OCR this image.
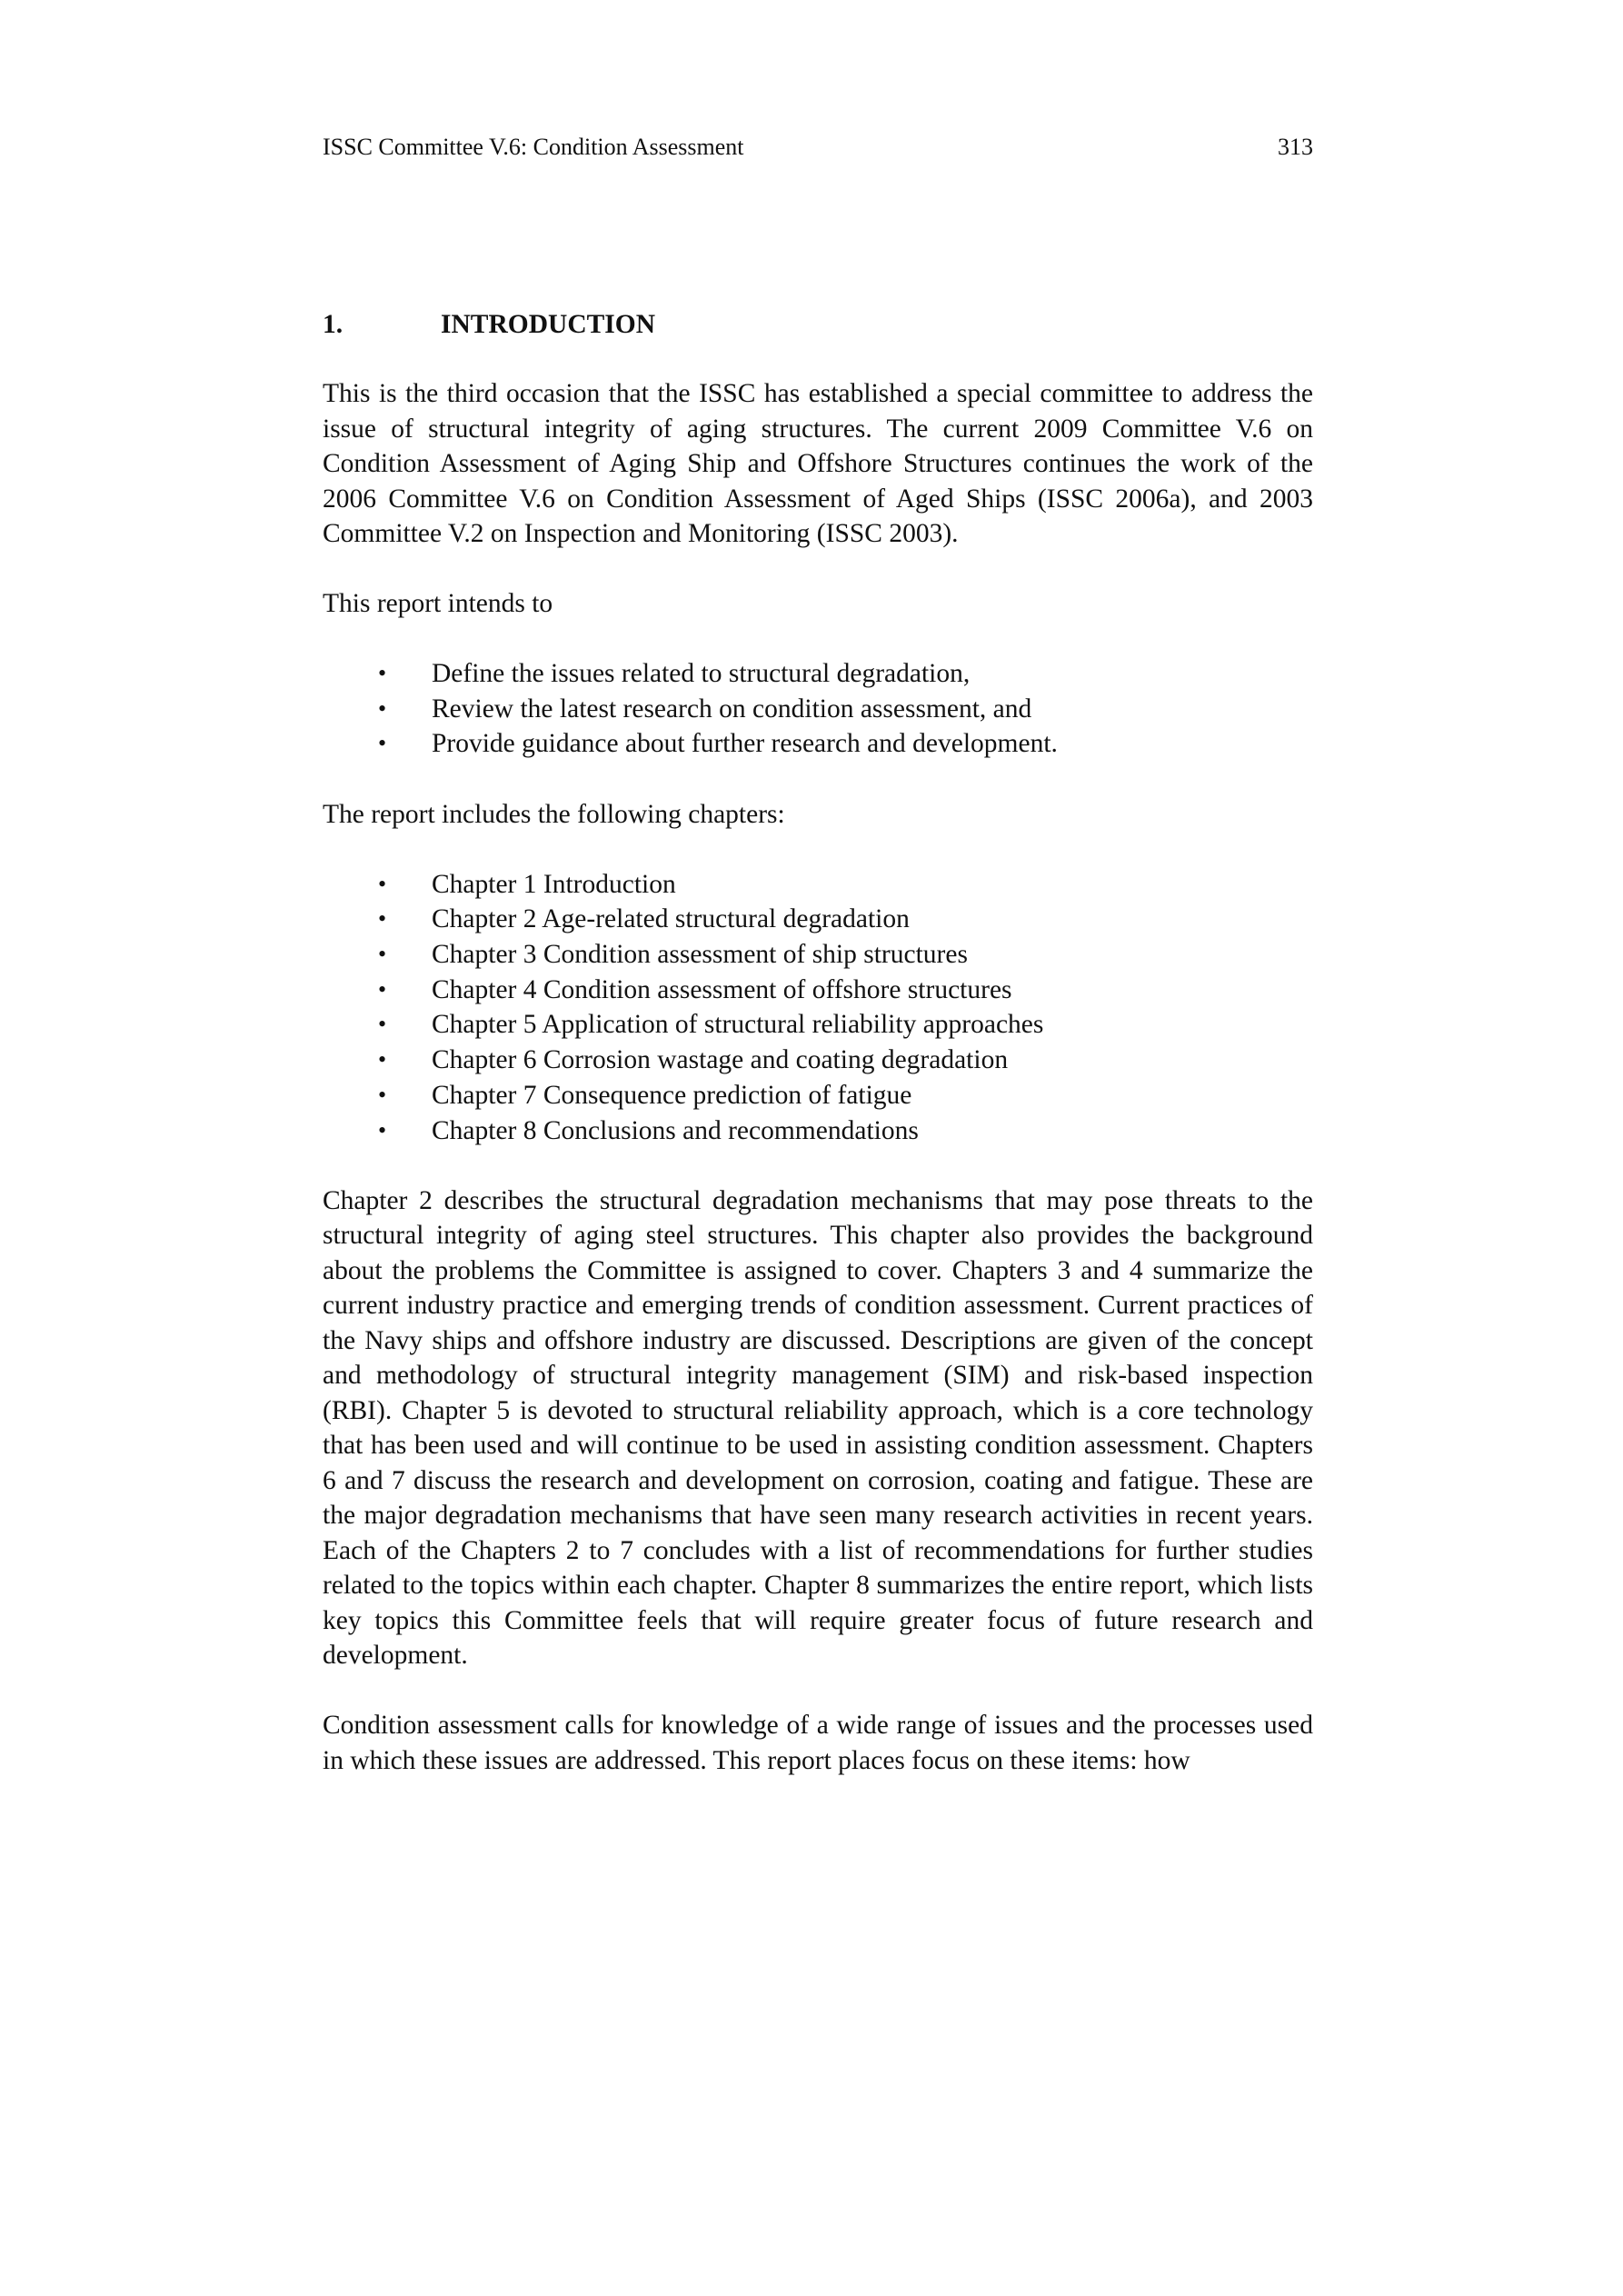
ISSC Committee V.6: Condition Assessment	313
1.	INTRODUCTION

This is the third occasion that the ISSC has established a special committee to address the issue of structural integrity of aging structures. The current 2009 Committee V.6 on Condition Assessment of Aging Ship and Offshore Structures continues the work of the 2006 Committee V.6 on Condition Assessment of Aged Ships (ISSC 2006a), and 2003 Committee V.2 on Inspection and Monitoring (ISSC 2003).

This report intends to

• Define the issues related to structural degradation,
• Review the latest research on condition assessment, and
• Provide guidance about further research and development.

The report includes the following chapters:

• Chapter 1 Introduction
• Chapter 2 Age-related structural degradation
• Chapter 3 Condition assessment of ship structures
• Chapter 4 Condition assessment of offshore structures
• Chapter 5 Application of structural reliability approaches
• Chapter 6 Corrosion wastage and coating degradation
• Chapter 7 Consequence prediction of fatigue
• Chapter 8 Conclusions and recommendations

Chapter 2 describes the structural degradation mechanisms that may pose threats to the structural integrity of aging steel structures. This chapter also provides the background about the problems the Committee is assigned to cover. Chapters 3 and 4 summarize the current industry practice and emerging trends of condition assessment. Current practices of the Navy ships and offshore industry are discussed. Descriptions are given of the concept and methodology of structural integrity management (SIM) and risk-based inspection (RBI). Chapter 5 is devoted to structural reliability approach, which is a core technology that has been used and will continue to be used in assisting condition assessment. Chapters 6 and 7 discuss the research and development on corrosion, coating and fatigue. These are the major degradation mechanisms that have seen many research activities in recent years. Each of the Chapters 2 to 7 concludes with a list of recommendations for further studies related to the topics within each chapter. Chapter 8 summarizes the entire report, which lists key topics this Committee feels that will require greater focus of future research and development.

Condition assessment calls for knowledge of a wide range of issues and the processes used in which these issues are addressed. This report places focus on these items: how
